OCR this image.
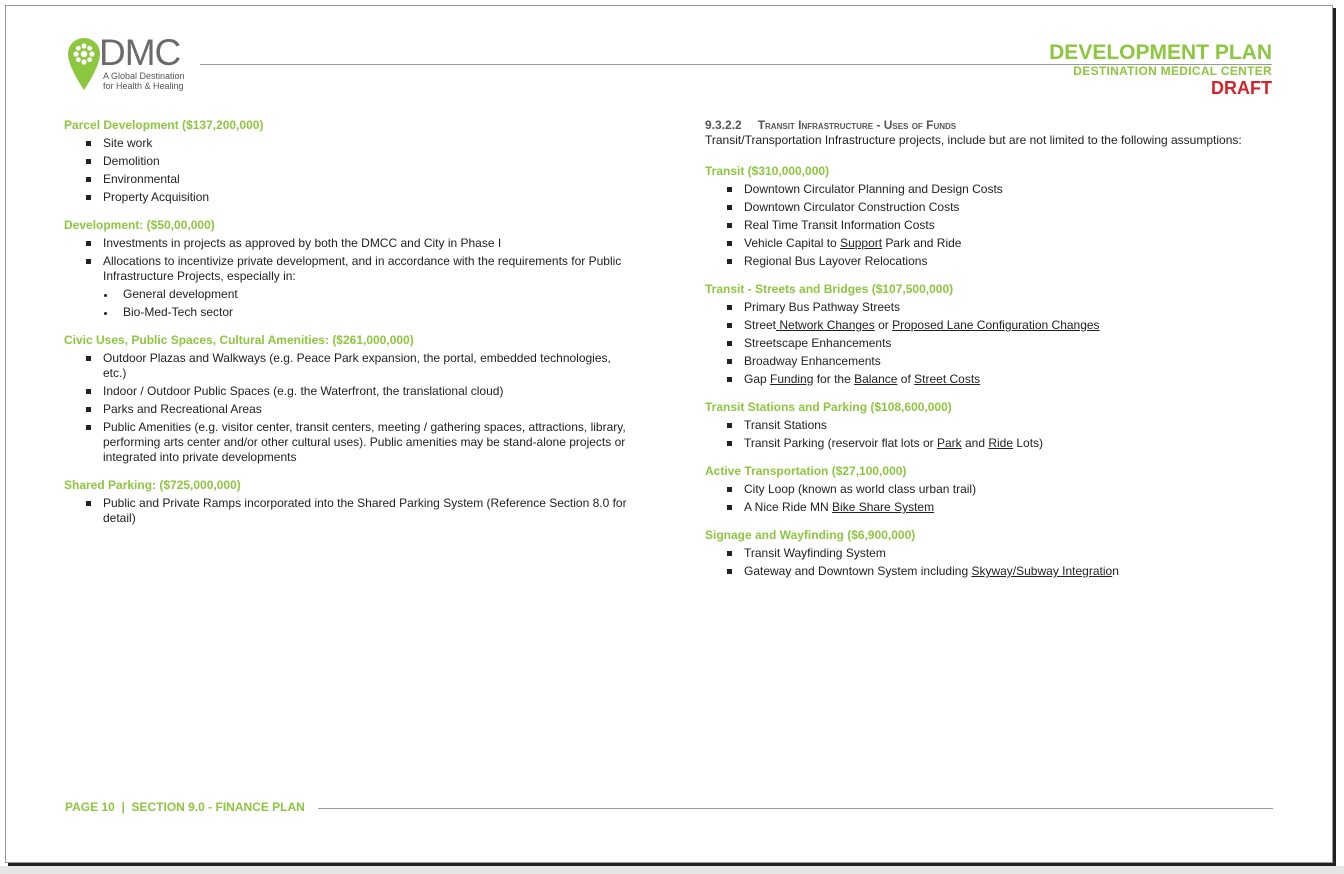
DMC
A Global Destination
for Health & Healing
DEVELOPMENT PLAN
DESTINATION MEDICAL CENTER
DRAFT
Parcel Development ($137,200,000)
Site work
Demolition
Environmental
Property Acquisition
Development: ($50,00,000)
Investments in projects as approved by both the DMCC and City in Phase I
Allocations to incentivize private development, and in accordance with the requirements for Public Infrastructure Projects, especially in:
General development
Bio-Med-Tech sector
Civic Uses, Public Spaces, Cultural Amenities: ($261,000,000)
Outdoor Plazas and Walkways (e.g. Peace Park expansion, the portal, embedded technologies, etc.)
Indoor / Outdoor Public Spaces (e.g. the Waterfront, the translational cloud)
Parks and Recreational Areas
Public Amenities (e.g. visitor center, transit centers, meeting / gathering spaces, attractions, library, performing arts center and/or other cultural uses). Public amenities may be stand-alone projects or integrated into private developments
Shared Parking: ($725,000,000)
Public and Private Ramps incorporated into the Shared Parking System (Reference Section 8.0 for detail)
9.3.2.2 Transit Infrastructure - Uses of Funds
Transit/Transportation Infrastructure projects, include but are not limited to the following assumptions:
Transit ($310,000,000)
Downtown Circulator Planning and Design Costs
Downtown Circulator Construction Costs
Real Time Transit Information Costs
Vehicle Capital to Support Park and Ride
Regional Bus Layover Relocations
Transit - Streets and Bridges ($107,500,000)
Primary Bus Pathway Streets
Street Network Changes or Proposed Lane Configuration Changes
Streetscape Enhancements
Broadway Enhancements
Gap Funding for the Balance of Street Costs
Transit Stations and Parking ($108,600,000)
Transit Stations
Transit Parking (reservoir flat lots or Park and Ride Lots)
Active Transportation ($27,100,000)
City Loop (known as world class urban trail)
A Nice Ride MN Bike Share System
Signage and Wayfinding ($6,900,000)
Transit Wayfinding System
Gateway and Downtown System including Skyway/Subway Integration
PAGE 10  |  SECTION 9.0 - FINANCE PLAN
